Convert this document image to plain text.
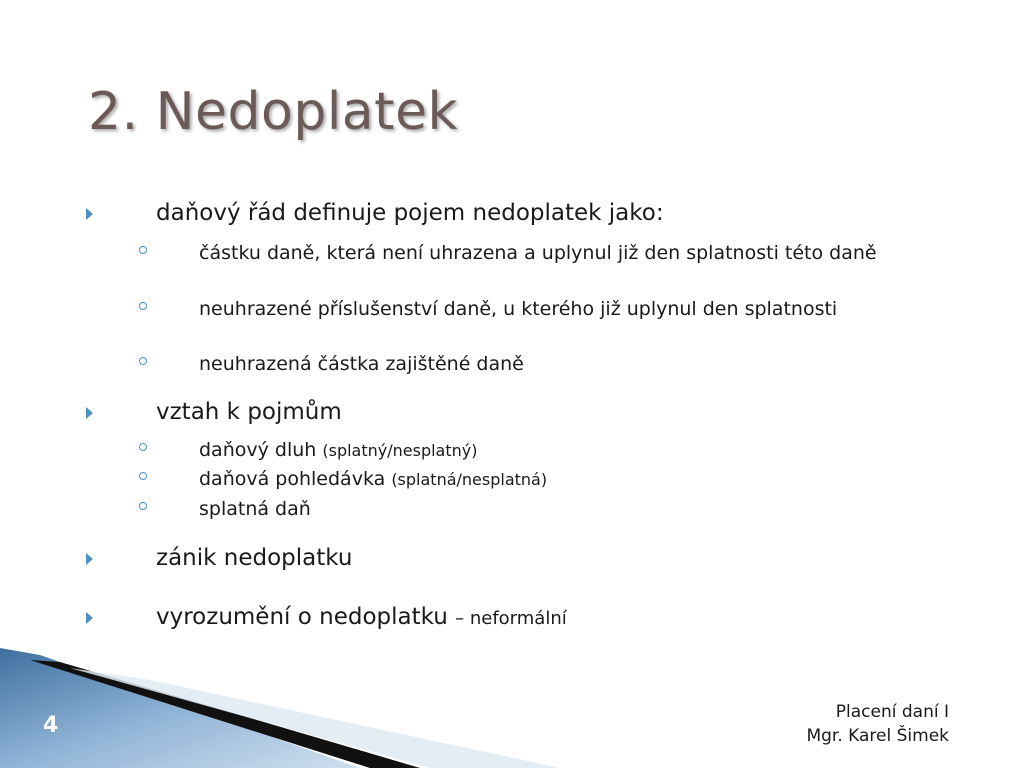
2. Nedoplatek
daňový řád definuje pojem nedoplatek jako:
částku daně, která není uhrazena a uplynul již den splatnosti této daně
neuhrazené příslušenství daně, u kterého již uplynul den splatnosti
neuhrazená částka zajištěné daně
vztah k pojmům
daňový dluh (splatný/nesplatný)
daňová pohledávka (splatná/nesplatná)
splatná daň
zánik nedoplatku
vyrozumění o nedoplatku – neformální
4
Placení daní I
Mgr. Karel Šimek
